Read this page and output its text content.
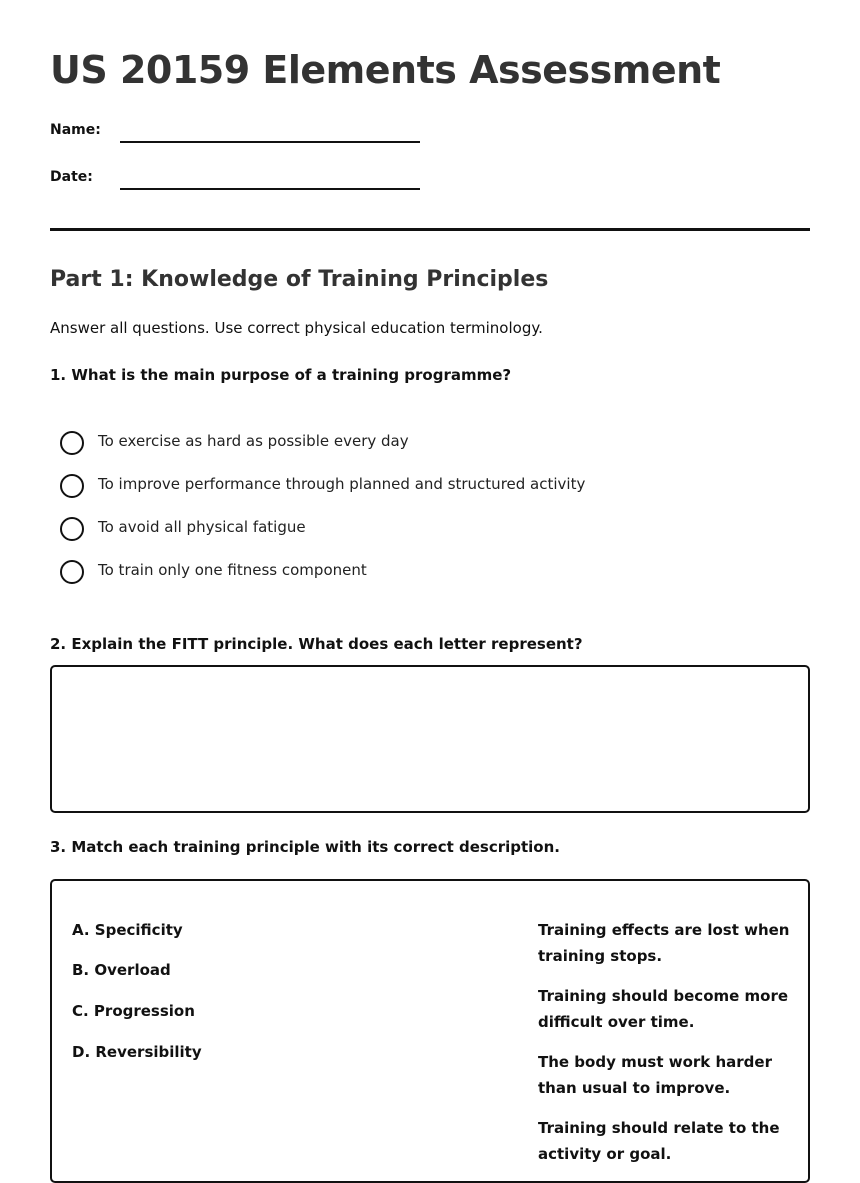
US 20159 Elements Assessment
Name:
Date:
Part 1: Knowledge of Training Principles
Answer all questions. Use correct physical education terminology.
1. What is the main purpose of a training programme?
To exercise as hard as possible every day
To improve performance through planned and structured activity
To avoid all physical fatigue
To train only one fitness component
2. Explain the FITT principle. What does each letter represent?
3. Match each training principle with its correct description.
A. Specificity
B. Overload
C. Progression
D. Reversibility
Training effects are lost when training stops.
Training should become more difficult over time.
The body must work harder than usual to improve.
Training should relate to the activity or goal.
